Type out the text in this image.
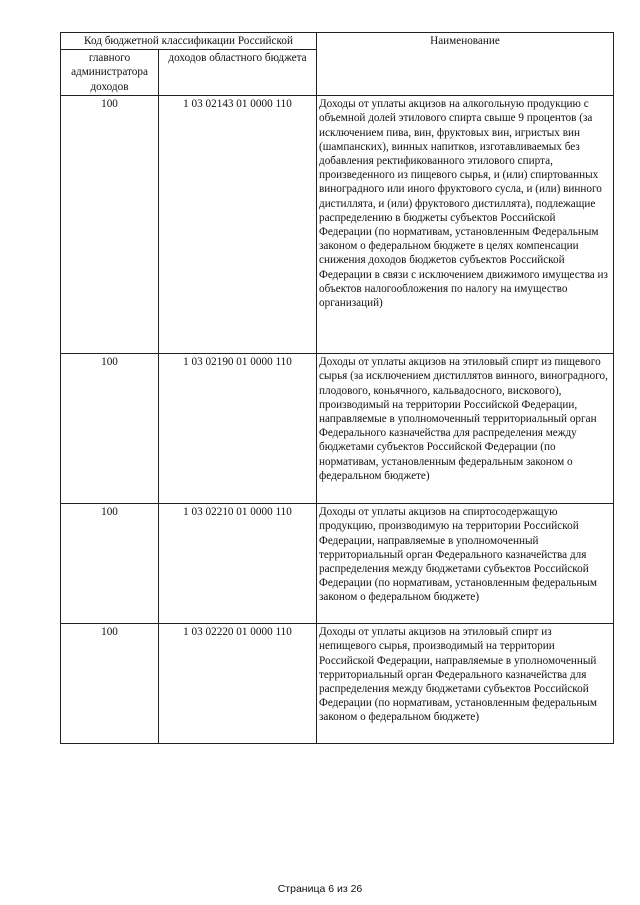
Код бюджетной классификации Российской		Наименование
главного администратора доходов	доходов областного бюджета	
100	1 03 02143 01 0000 110	Доходы от уплаты акцизов на алкогольную продукцию с объемной долей этилового спирта свыше 9 процентов (за исключением пива, вин, фруктовых вин, игристых вин (шампанских), винных напитков, изготавливаемых без добавления ректификованного этилового спирта, произведенного из пищевого сырья, и (или) спиртованных виноградного или иного фруктового сусла, и (или) винного дистиллята, и (или) фруктового дистиллята), подлежащие распределению в бюджеты субъектов Российской Федерации (по нормативам, установленным Федеральным законом о федеральном бюджете в целях компенсации снижения доходов бюджетов субъектов Российской Федерации в связи с исключением движимого имущества из объектов налогообложения по налогу на имущество организаций)
100	1 03 02190 01 0000 110	Доходы от уплаты акцизов на этиловый спирт из пищевого сырья (за исключением дистиллятов винного, виноградного, плодового, коньячного, кальвадосного, вискового), производимый на территории Российской Федерации, направляемые в уполномоченный территориальный орган Федерального казначейства для распределения между бюджетами субъектов Российской Федерации (по нормативам, установленным федеральным законом о федеральном бюджете)
100	1 03 02210 01 0000 110	Доходы от уплаты акцизов на спиртосодержащую продукцию, производимую на территории Российской Федерации, направляемые в уполномоченный территориальный орган Федерального казначейства для распределения между бюджетами субъектов Российской Федерации (по нормативам, установленным федеральным законом о федеральном бюджете)
100	1 03 02220 01 0000 110	Доходы от уплаты акцизов на этиловый спирт из непищевого сырья, производимый на территории Российской Федерации, направляемые в уполномоченный территориальный орган Федерального казначейства для распределения между бюджетами субъектов Российской Федерации (по нормативам, установленным федеральным законом о федеральном бюджете)
Страница 6 из 26
